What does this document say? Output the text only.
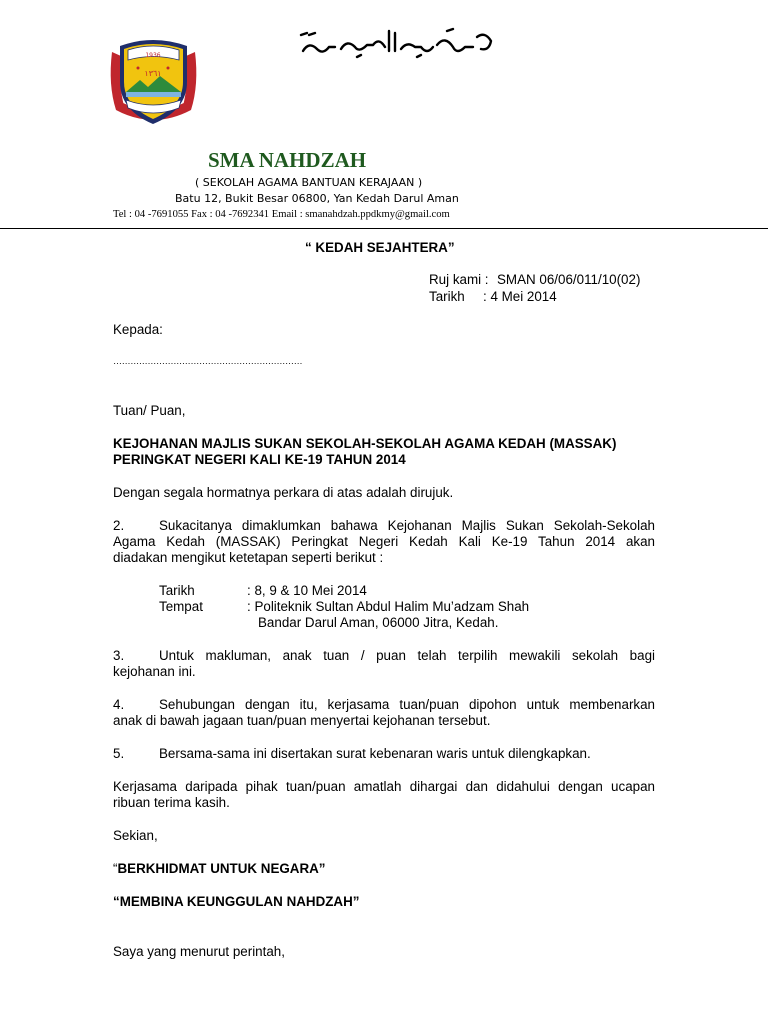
1936
١٣٦١
مدرسة النهضة
SMA NAHDZAH
( SEKOLAH AGAMA BANTUAN KERAJAAN )
Batu 12, Bukit Besar 06800, Yan Kedah Darul Aman
Tel : 04 -7691055 Fax : 04 -7692341 Email : smanahdzah.ppdkmy@gmail.com
“ KEDAH SEJAHTERA”
Ruj kami : SMAN 06/06/011/10(02)
Tarikh : 4 Mei 2014
Kepada:
…………………………………………………………
Tuan/ Puan,
KEJOHANAN MAJLIS SUKAN SEKOLAH-SEKOLAH AGAMA KEDAH (MASSAK)
PERINGKAT NEGERI KALI KE-19 TAHUN 2014
Dengan segala hormatnya perkara di atas adalah dirujuk.
2.	Sukacitanya dimaklumkan bahawa Kejohanan Majlis Sukan Sekolah-Sekolah
Agama Kedah (MASSAK) Peringkat Negeri Kedah Kali Ke-19 Tahun 2014 akan
diadakan mengikut ketetapan seperti berikut :
Tarikh	: 8, 9 & 10 Mei 2014
Tempat	: Politeknik Sultan Abdul Halim Mu’adzam Shah
Bandar Darul Aman, 06000 Jitra, Kedah.
3.	Untuk makluman, anak tuan / puan telah terpilih mewakili sekolah bagi
kejohanan ini.
4.	Sehubungan dengan itu, kerjasama tuan/puan dipohon untuk membenarkan
anak di bawah jagaan tuan/puan menyertai kejohanan tersebut.
5.	Bersama-sama ini disertakan surat kebenaran waris untuk dilengkapkan.
Kerjasama daripada pihak tuan/puan amatlah dihargai dan didahului dengan ucapan
ribuan terima kasih.
Sekian,
“BERKHIDMAT UNTUK NEGARA”
“MEMBINA KEUNGGULAN NAHDZAH”
Saya yang menurut perintah,
